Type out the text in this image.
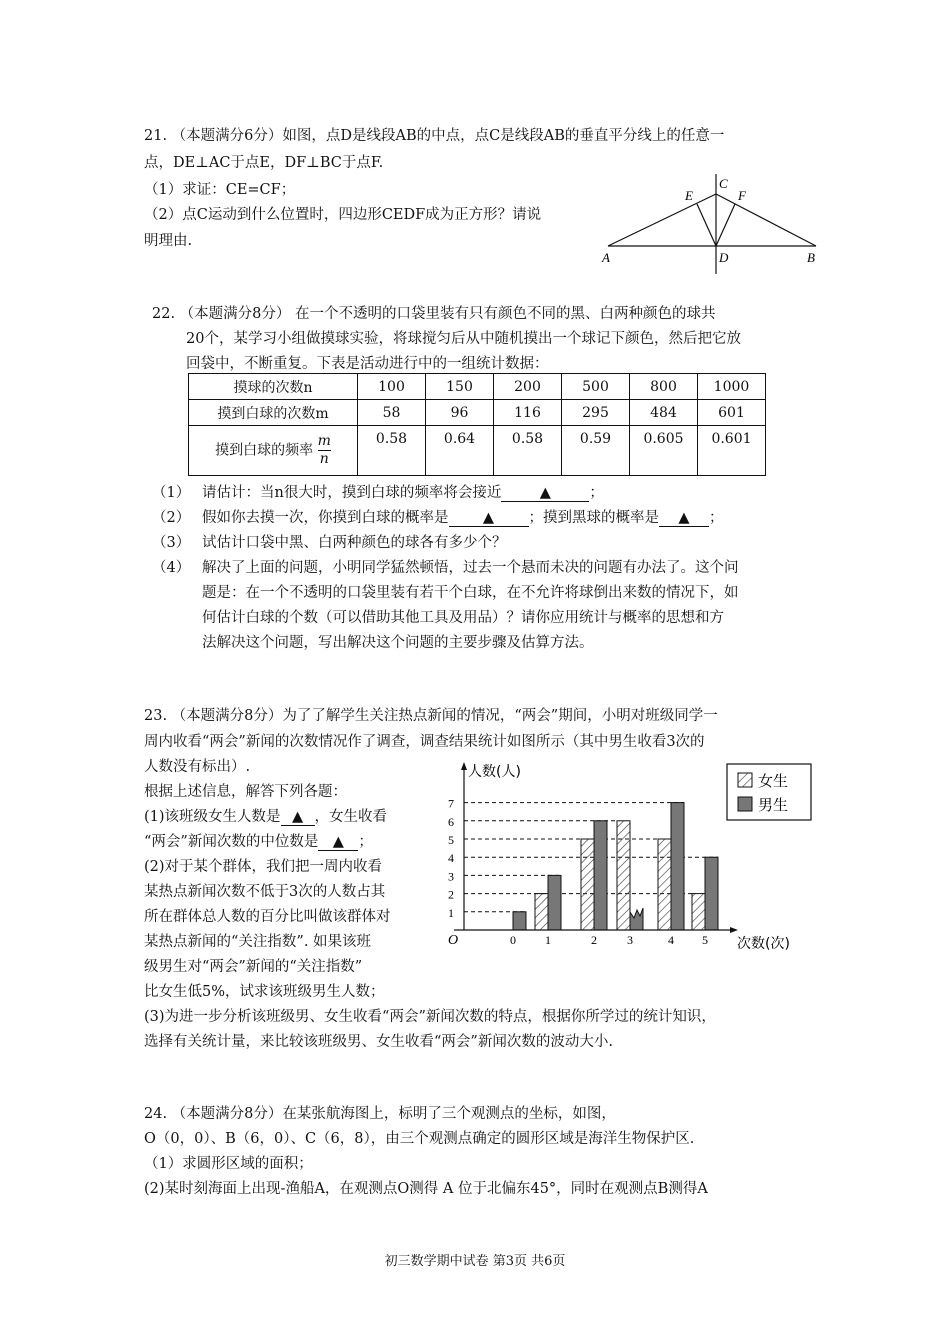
21. （本题满分6分）如图，点D是线段AB的中点，点C是线段AB的垂直平分线上的任意一
点，DE⊥AC于点E，DF⊥BC于点F.
（1）求证：CE=CF；
（2）点C运动到什么位置时，四边形CEDF成为正方形？请说
明理由.
E
C
F
A	D	B
22. （本题满分8分） 在一个不透明的口袋里装有只有颜色不同的黑、白两种颜色的球共
20个，某学习小组做摸球实验，将球搅匀后从中随机摸出一个球记下颜色，然后把它放
回袋中，不断重复。下表是活动进行中的一组统计数据：
摸球的次数n	100	150	200	500	800	1000
摸到白球的次数m	58	96	116	295	484	601
摸到白球的频率 $\frac{m}{n}$	0.58	0.64	0.58	0.59	0.605	0.601
（1） 请估计：当n很大时，摸到白球的频率将会接近	▲	；
（2） 假如你去摸一次，你摸到白球的概率是 ▲ ；摸到黑球的概率是 ▲ ；
（3） 试估计口袋中黑、白两种颜色的球各有多少个？
（4） 解决了上面的问题，小明同学猛然顿悟，过去一个悬而未决的问题有办法了。这个问
题是：在一个不透明的口袋里装有若干个白球，在不允许将球倒出来数的情况下，如
何估计白球的个数（可以借助其他工具及用品）？请你应用统计与概率的思想和方
法解决这个问题，写出解决这个问题的主要步骤及估算方法。
23. （本题满分8分）为了了解学生关注热点新闻的情况，“两会”期间，小明对班级同学一
周内收看“两会”新闻的次数情况作了调查，调查结果统计如图所示（其中男生收看3次的
人数没有标出）.
根据上述信息，解答下列各题：
(1)该班级女生人数是 ▲ ，女生收看
“两会”新闻次数的中位数是 ▲ ；
(2)对于某个群体，我们把一周内收看
某热点新闻次数不低于3次的人数占其
所在群体总人数的百分比叫做该群体对
某热点新闻的“关注指数”. 如果该班
级男生对“两会”新闻的“关注指数”
比女生低5%，试求该班级男生人数；
(3)为进一步分析该班级男、女生收看“两会”新闻次数的特点，根据你所学过的统计知识，
选择有关统计量，来比较该班级男、女生收看“两会”新闻次数的波动大小.
人数(人)
次数(次)
O
1
2
3
4
5
6
7
0 1	2	3	4 5
女生
男生
24. （本题满分8分）在某张航海图上，标明了三个观测点的坐标，如图，
O（0，0）、B（6，0）、C（6，8），由三个观测点确定的圆形区域是海洋生物保护区.
（1）求圆形区域的面积；
(2)某时刻海面上出现-渔船A，在观测点O测得 A 位于北偏东45°，同时在观测点B测得A
初三数学期中试卷 第3页 共6页
